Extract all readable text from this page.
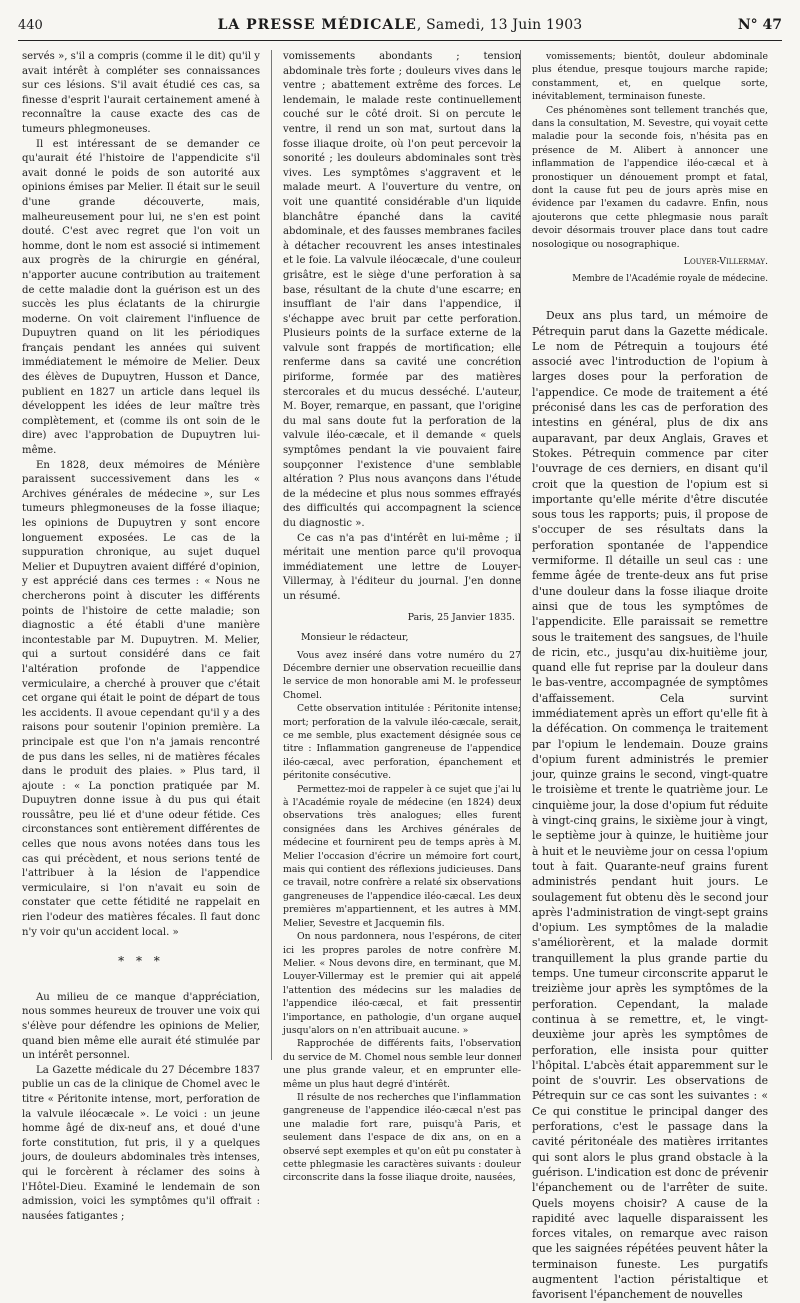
440	LA PRESSE MÉDICALE, Samedi, 13 Juin 1903	N° 47

servés », s'il a compris (comme il le dit) qu'il y avait intérêt à compléter ses connaissances sur ces lésions. S'il avait étudié ces cas, sa finesse d'esprit l'aurait certainement amené à reconnaître la cause exacte des cas de tumeurs phlegmoneuses.

Il est intéressant de se demander ce qu'aurait été l'histoire de l'appendicite s'il avait donné le poids de son autorité aux opinions émises par Melier. Il était sur le seuil d'une grande découverte, mais, malheureusement pour lui, ne s'en est point douté. C'est avec regret que l'on voit un homme, dont le nom est associé si intimement aux progrès de la chirurgie en général, n'apporter aucune contribution au traitement de cette maladie dont la guérison est un des succès les plus éclatants de la chirurgie moderne. On voit clairement l'influence de Dupuytren quand on lit les périodiques français pendant les années qui suivent immédiatement le mémoire de Melier. Deux des élèves de Dupuytren, Husson et Dance, publient en 1827 un article dans lequel ils développent les idées de leur maître très complètement, et (comme ils ont soin de le dire) avec l'approbation de Dupuytren lui-même.

En 1828, deux mémoires de Ménière paraissent successivement dans les « Archives générales de médecine », sur Les tumeurs phlegmoneuses de la fosse iliaque; les opinions de Dupuytren y sont encore longuement exposées. Le cas de la suppuration chronique, au sujet duquel Melier et Dupuytren avaient différé d'opinion, y est apprécié dans ces termes : « Nous ne chercherons point à discuter les différents points de l'histoire de cette maladie; son diagnostic a été établi d'une manière incontestable par M. Dupuytren. M. Melier, qui a surtout considéré dans ce fait l'altération profonde de l'appendice vermiculaire, a cherché à prouver que c'était cet organe qui était le point de départ de tous les accidents. Il avoue cependant qu'il y a des raisons pour soutenir l'opinion première. La principale est que l'on n'a jamais rencontré de pus dans les selles, ni de matières fécales dans le produit des plaies. » Plus tard, il ajoute : « La ponction pratiquée par M. Dupuytren donne issue à du pus qui était roussâtre, peu lié et d'une odeur fétide. Ces circonstances sont entièrement différentes de celles que nous avons notées dans tous les cas qui précèdent, et nous serions tenté de l'attribuer à la lésion de l'appendice vermiculaire, si l'on n'avait eu soin de constater que cette fétidité ne rappelait en rien l'odeur des matières fécales. Il faut donc n'y voir qu'un accident local. »

* * *

Au milieu de ce manque d'appréciation, nous sommes heureux de trouver une voix qui s'élève pour défendre les opinions de Melier, quand bien même elle aurait été stimulée par un intérêt personnel.

La Gazette médicale du 27 Décembre 1837 publie un cas de la clinique de Chomel avec le titre « Péritonite intense, mort, perforation de la valvule iléocæcale ». Le voici : un jeune homme âgé de dix-neuf ans, et doué d'une forte constitution, fut pris, il y a quelques jours, de douleurs abdominales très intenses, qui le forcèrent à réclamer des soins à l'Hôtel-Dieu. Examiné le lendemain de son admission, voici les symptômes qu'il offrait : nausées fatigantes ;

vomissements abondants ; tension abdominale très forte ; douleurs vives dans le ventre ; abattement extrême des forces. Le lendemain, le malade reste continuellement couché sur le côté droit. Si on percute le ventre, il rend un son mat, surtout dans la fosse iliaque droite, où l'on peut percevoir la sonorité ; les douleurs abdominales sont très vives. Les symptômes s'aggravent et le malade meurt. A l'ouverture du ventre, on voit une quantité considérable d'un liquide blanchâtre épanché dans la cavité abdominale, et des fausses membranes faciles à détacher recouvrent les anses intestinales et le foie. La valvule iléocæcale, d'une couleur grisâtre, est le siège d'une perforation à sa base, résultant de la chute d'une escarre; en insufflant de l'air dans l'appendice, il s'échappe avec bruit par cette perforation. Plusieurs points de la surface externe de la valvule sont frappés de mortification; elle renferme dans sa cavité une concrétion piriforme, formée par des matières stercorales et du mucus desséché. L'auteur, M. Boyer, remarque, en passant, que l'origine du mal sans doute fut la perforation de la valvule iléo-cæcale, et il demande « quels symptômes pendant la vie pouvaient faire soupçonner l'existence d'une semblable altération ? Plus nous avançons dans l'étude de la médecine et plus nous sommes effrayés des difficultés qui accompagnent la science du diagnostic ».

Ce cas n'a pas d'intérêt en lui-même ; il méritait une mention parce qu'il provoqua immédiatement une lettre de Louyer-Villermay, à l'éditeur du journal. J'en donne un résumé.

Paris, 25 Janvier 1835.

Monsieur le rédacteur,

Vous avez inséré dans votre numéro du 27 Décembre dernier une observation recueillie dans le service de mon honorable ami M. le professeur Chomel.

Cette observation intitulée : Péritonite intense; mort; perforation de la valvule iléo-cæcale, serait, ce me semble, plus exactement désignée sous ce titre : Inflammation gangreneuse de l'appendice iléo-cæcal, avec perforation, épanchement et péritonite consécutive.

Permettez-moi de rappeler à ce sujet que j'ai lu à l'Académie royale de médecine (en 1824) deux observations très analogues; elles furent consignées dans les Archives générales de médecine et fournirent peu de temps après à M. Melier l'occasion d'écrire un mémoire fort court, mais qui contient des réflexions judicieuses. Dans ce travail, notre confrère a relaté six observations gangreneuses de l'appendice iléo-cæcal. Les deux premières m'appartiennent, et les autres à MM. Melier, Sevestre et Jacquemin fils.

On nous pardonnera, nous l'espérons, de citer ici les propres paroles de notre confrère M. Melier. « Nous devons dire, en terminant, que M. Louyer-Villermay est le premier qui ait appelé l'attention des médecins sur les maladies de l'appendice iléo-cæcal, et fait pressentir l'importance, en pathologie, d'un organe auquel jusqu'alors on n'en attribuait aucune. »

Rapprochée de différents faits, l'observation du service de M. Chomel nous semble leur donner une plus grande valeur, et en emprunter elle-même un plus haut degré d'intérêt.

Il résulte de nos recherches que l'inflammation gangreneuse de l'appendice iléo-cæcal n'est pas une maladie fort rare, puisqu'à Paris, et seulement dans l'espace de dix ans, on en a observé sept exemples et qu'on eût pu constater à cette phlegmasie les caractères suivants : douleur circonscrite dans la fosse iliaque droite, nausées,

vomissements; bientôt, douleur abdominale plus étendue, presque toujours marche rapide; constamment, et, en quelque sorte, inévitablement, terminaison funeste.

Ces phénomènes sont tellement tranchés que, dans la consultation, M. Sevestre, qui voyait cette maladie pour la seconde fois, n'hésita pas en présence de M. Alibert à annoncer une inflammation de l'appendice iléo-cæcal et à pronostiquer un dénouement prompt et fatal, dont la cause fut peu de jours après mise en évidence par l'examen du cadavre. Enfin, nous ajouterons que cette phlegmasie nous paraît devoir désormais trouver place dans tout cadre nosologique ou nosographique.

Louyer-Villermay.
Membre de l'Académie royale de médecine.

Deux ans plus tard, un mémoire de Pétrequin parut dans la Gazette médicale. Le nom de Pétrequin a toujours été associé avec l'introduction de l'opium à larges doses pour la perforation de l'appendice. Ce mode de traitement a été préconisé dans les cas de perforation des intestins en général, plus de dix ans auparavant, par deux Anglais, Graves et Stokes. Pétrequin commence par citer l'ouvrage de ces derniers, en disant qu'il croit que la question de l'opium est si importante qu'elle mérite d'être discutée sous tous les rapports; puis, il propose de s'occuper de ses résultats dans la perforation spontanée de l'appendice vermiforme. Il détaille un seul cas : une femme âgée de trente-deux ans fut prise d'une douleur dans la fosse iliaque droite ainsi que de tous les symptômes de l'appendicite. Elle paraissait se remettre sous le traitement des sangsues, de l'huile de ricin, etc., jusqu'au dix-huitième jour, quand elle fut reprise par la douleur dans le bas-ventre, accompagnée de symptômes d'affaissement. Cela survint immédiatement après un effort qu'elle fit à la défécation. On commença le traitement par l'opium le lendemain. Douze grains d'opium furent administrés le premier jour, quinze grains le second, vingt-quatre le troisième et trente le quatrième jour. Le cinquième jour, la dose d'opium fut réduite à vingt-cinq grains, le sixième jour à vingt, le septième jour à quinze, le huitième jour à huit et le neuvième jour on cessa l'opium tout à fait. Quarante-neuf grains furent administrés pendant huit jours. Le soulagement fut obtenu dès le second jour après l'administration de vingt-sept grains d'opium. Les symptômes de la maladie s'améliorèrent, et la malade dormit tranquillement la plus grande partie du temps. Une tumeur circonscrite apparut le treizième jour après les symptômes de la perforation. Cependant, la malade continua à se remettre, et, le vingt-deuxième jour après les symptômes de perforation, elle insista pour quitter l'hôpital. L'abcès était apparemment sur le point de s'ouvrir. Les observations de Pétrequin sur ce cas sont les suivantes : « Ce qui constitue le principal danger des perforations, c'est le passage dans la cavité péritonéale des matières irritantes qui sont alors le plus grand obstacle à la guérison. L'indication est donc de prévenir l'épanchement ou de l'arrêter de suite. Quels moyens choisir? A cause de la rapidité avec laquelle disparaissent les forces vitales, on remarque avec raison que les saignées répétées peuvent hâter la terminaison funeste. Les purgatifs augmentent l'action péristaltique et favorisent l'épanchement de nouvelles
